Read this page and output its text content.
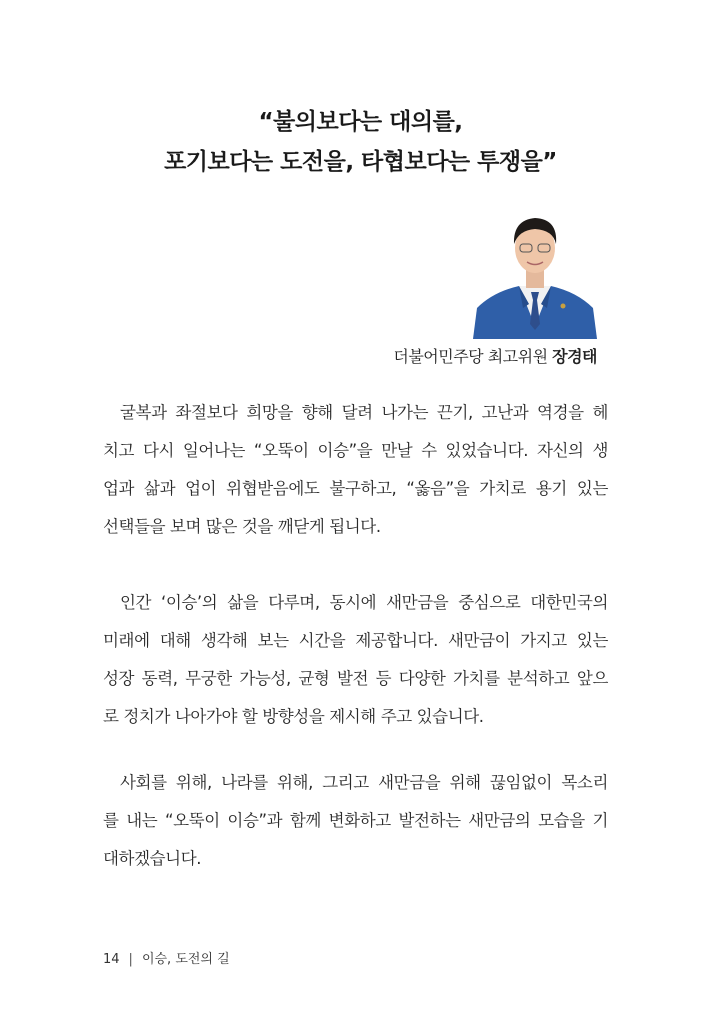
“불의보다는 대의를,
포기보다는 도전을, 타협보다는 투쟁을”
더불어민주당 최고위원 장경태
굴복과 좌절보다 희망을 향해 달려 나가는 끈기, 고난과 역경을 헤
치고 다시 일어나는 “오뚝이 이승”을 만날 수 있었습니다. 자신의 생
업과 삶과 업이 위협받음에도 불구하고, “옳음”을 가치로 용기 있는
선택들을 보며 많은 것을 깨닫게 됩니다.
인간 ‘이승’의 삶을 다루며, 동시에 새만금을 중심으로 대한민국의
미래에 대해 생각해 보는 시간을 제공합니다. 새만금이 가지고 있는
성장 동력, 무궁한 가능성, 균형 발전 등 다양한 가치를 분석하고 앞으
로 정치가 나아가야 할 방향성을 제시해 주고 있습니다.
사회를 위해, 나라를 위해, 그리고 새만금을 위해 끊임없이 목소리
를 내는 “오뚝이 이승”과 함께 변화하고 발전하는 새만금의 모습을 기
대하겠습니다.
14 | 이승, 도전의 길
